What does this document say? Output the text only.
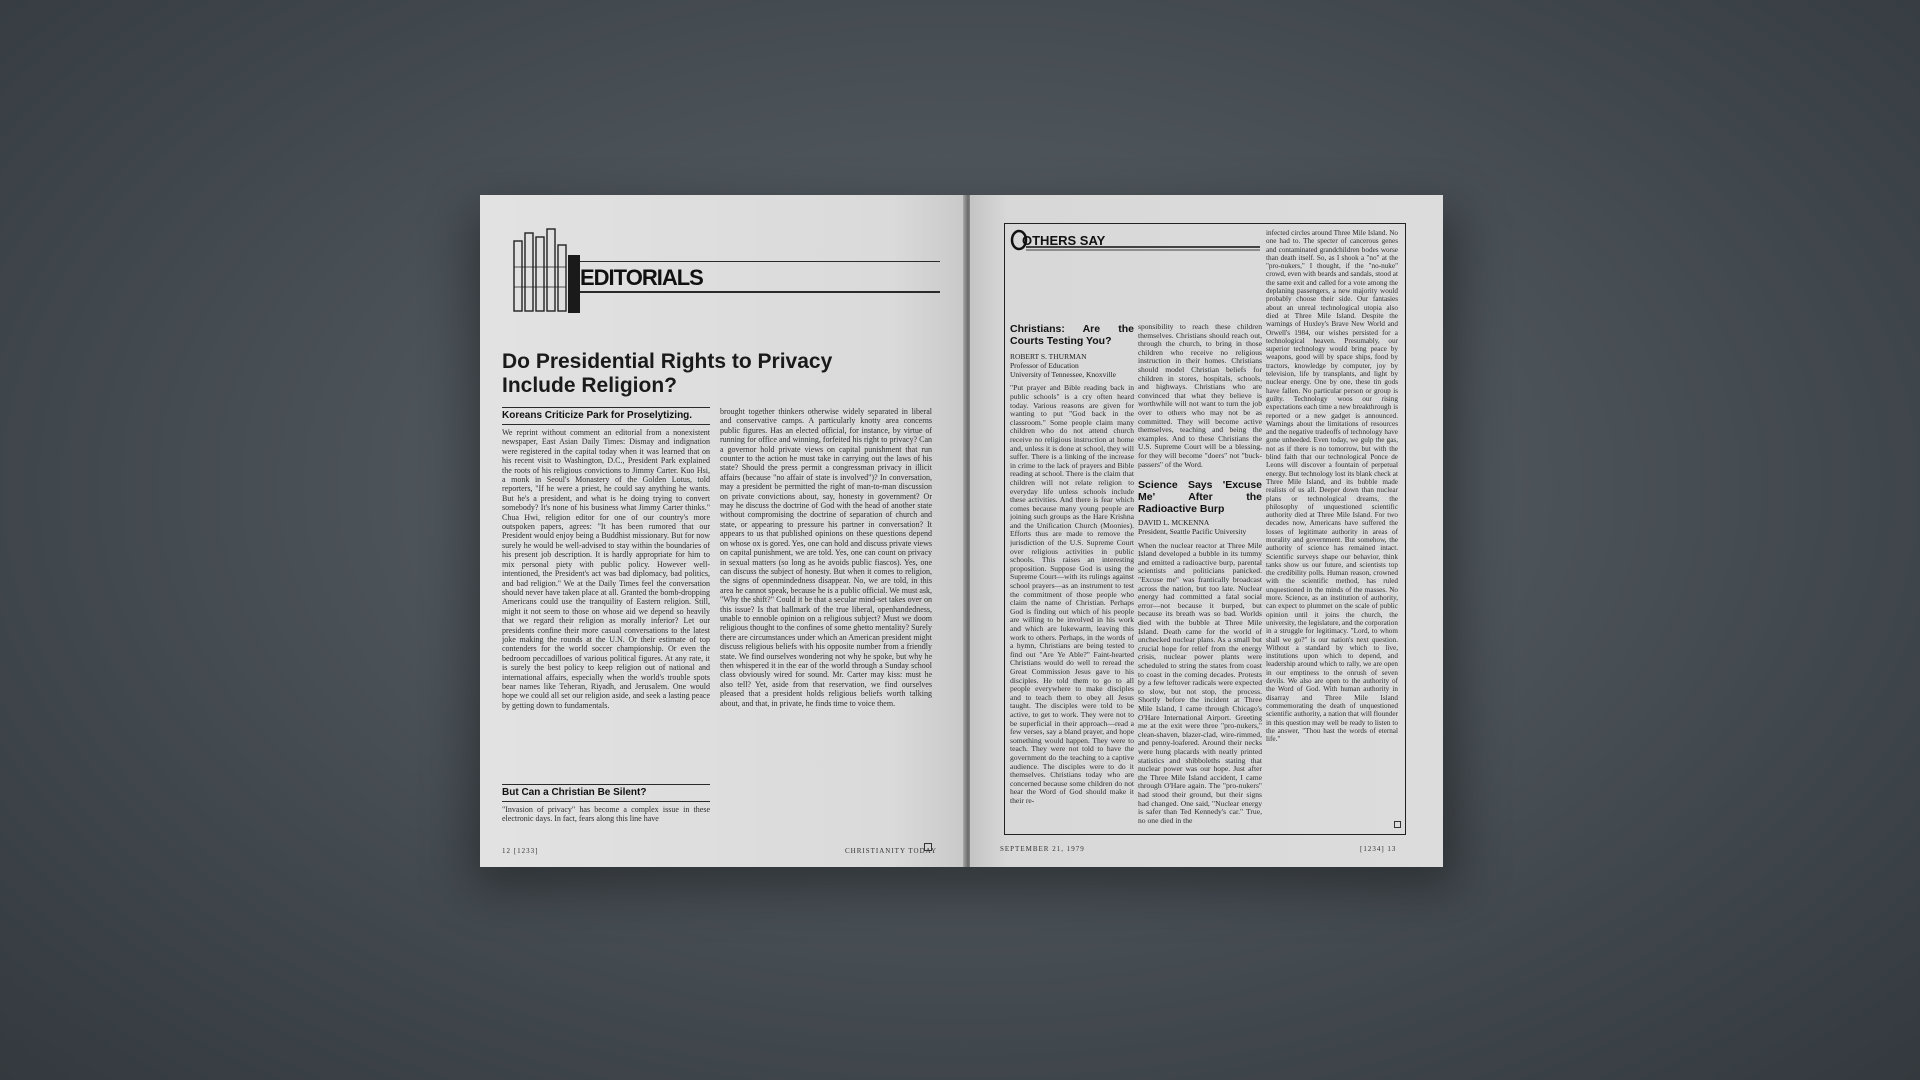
EDITORIALS
Do Presidential Rights to Privacy Include Religion?
Koreans Criticize Park for Proselytizing.
We reprint without comment an editorial from a nonexistent newspaper, East Asian Daily Times: Dismay and indignation were registered in the capital today when it was learned that on his recent visit to Washington, D.C., President Park explained the roots of his religious convictions to Jimmy Carter. Kuo Hsi, a monk in Seoul's Monastery of the Golden Lotus, told reporters, "If he were a priest, he could say anything he wants. But he's a president, and what is he doing trying to convert somebody? It's none of his business what Jimmy Carter thinks." Chua Hwi, religion editor for one of our country's more outspoken papers, agrees: "It has been rumored that our President would enjoy being a Buddhist missionary. But for now surely he would be well-advised to stay within the boundaries of his present job description. It is hardly appropriate for him to mix personal piety with public policy. However well-intentioned, the President's act was bad diplomacy, bad politics, and bad religion." We at the Daily Times feel the conversation should never have taken place at all. Granted the bomb-dropping Americans could use the tranquility of Eastern religion. Still, might it not seem to those on whose aid we depend so heavily that we regard their religion as morally inferior? Let our presidents confine their more casual conversations to the latest joke making the rounds at the U.N. Or their estimate of top contenders for the world soccer championship. Or even the bedroom peccadilloes of various political figures. At any rate, it is surely the best policy to keep religion out of national and international affairs, especially when the world's trouble spots bear names like Teheran, Riyadh, and Jerusalem. One would hope we could all set our religion aside, and seek a lasting peace by getting down to fundamentals.
But Can a Christian Be Silent?
"Invasion of privacy" has become a complex issue in these electronic days. In fact, fears along this line have
brought together thinkers otherwise widely separated in liberal and conservative camps. A particularly knotty area concerns public figures. Has an elected official, for instance, by virtue of running for office and winning, forfeited his right to privacy? Can a governor hold private views on capital punishment that run counter to the action he must take in carrying out the laws of his state? Should the press permit a congressman privacy in illicit affairs (because "no affair of state is involved")? In conversation, may a president be permitted the right of man-to-man discussion on private convictions about, say, honesty in government? Or may he discuss the doctrine of God with the head of another state without compromising the doctrine of separation of church and state, or appearing to pressure his partner in conversation? It appears to us that published opinions on these questions depend on whose ox is gored. Yes, one can hold and discuss private views on capital punishment, we are told. Yes, one can count on privacy in sexual matters (so long as he avoids public fiascos). Yes, one can discuss the subject of honesty. But when it comes to religion, the signs of openmindedness disappear. No, we are told, in this area he cannot speak, because he is a public official. We must ask, "Why the shift?" Could it be that a secular mind-set takes over on this issue? Is that hallmark of the true liberal, openhandedness, unable to ennoble opinion on a religious subject? Must we doom religious thought to the confines of some ghetto mentality? Surely there are circumstances under which an American president might discuss religious beliefs with his opposite number from a friendly state. We find ourselves wondering not why he spoke, but why he then whispered it in the ear of the world through a Sunday school class obviously wired for sound. Mr. Carter may kiss: must he also tell? Yet, aside from that reservation, we find ourselves pleased that a president holds religious beliefs worth talking about, and that, in private, he finds time to voice them.
12 [1233]	CHRISTIANITY TODAY
OTHERS SAY
Christians: Are the Courts Testing You?
ROBERT S. THURMAN
Professor of Education
University of Tennessee, Knoxville
"Put prayer and Bible reading back in public schools" is a cry often heard today. Various reasons are given for wanting to put "God back in the classroom." Some people claim many children who do not attend church receive no religious instruction at home and, unless it is done at school, they will suffer. There is a linking of the increase in crime to the lack of prayers and Bible reading at school. There is the claim that children will not relate religion to everyday life unless schools include these activities. And there is fear which comes because many young people are joining such groups as the Hare Krishna and the Unification Church (Moonies). Efforts thus are made to remove the jurisdiction of the U.S. Supreme Court over religious activities in public schools. This raises an interesting proposition. Suppose God is using the Supreme Court—with its rulings against school prayers—as an instrument to test the commitment of those people who claim the name of Christian. Perhaps God is finding out which of his people are willing to be involved in his work and which are lukewarm, leaving this work to others. Perhaps, in the words of a hymn, Christians are being tested to find out "Are Ye Able?" Faint-hearted Christians would do well to reread the Great Commission Jesus gave to his disciples. He told them to go to all people everywhere to make disciples and to teach them to obey all Jesus taught. The disciples were told to be active, to get to work. They were not to be superficial in their approach—read a few verses, say a bland prayer, and hope something would happen. They were to teach. They were not told to have the government do the teaching to a captive audience. The disciples were to do it themselves. Christians today who are concerned because some children do not hear the Word of God should make it their re-
sponsibility to reach these children themselves. Christians should reach out, through the church, to bring in those children who receive no religious instruction in their homes. Christians should model Christian beliefs for children in stores, hospitals, schools, and highways. Christians who are convinced that what they believe is worthwhile will not want to turn the job over to others who may not be as committed. They will become active themselves, teaching and being the examples. And to these Christians the U.S. Supreme Court will be a blessing, for they will become "doers" not "buck-passers" of the Word.
Science Says 'Excuse Me' After the Radioactive Burp
DAVID L. MCKENNA
President, Seattle Pacific University
When the nuclear reactor at Three Mile Island developed a bubble in its tummy and emitted a radioactive burp, parental scientists and politicians panicked. "Excuse me" was frantically broadcast across the nation, but too late. Nuclear energy had committed a fatal social error—not because it burped, but because its breath was so bad. Worlds died with the bubble at Three Mile Island. Death came for the world of unchecked nuclear plans. As a small but crucial hope for relief from the energy crisis, nuclear power plants were scheduled to string the states from coast to coast in the coming decades. Protests by a few leftover radicals were expected to slow, but not stop, the process. Shortly before the incident at Three Mile Island, I came through Chicago's O'Hare International Airport. Greeting me at the exit were three "pro-nukers," clean-shaven, blazer-clad, wire-rimmed, and penny-loafered. Around their necks were hung placards with neatly printed statistics and shibboleths stating that nuclear power was our hope. Just after the Three Mile Island accident, I came through O'Hare again. The "pro-nukers" had stood their ground, but their signs had changed. One said, "Nuclear energy is safer than Ted Kennedy's car." True, no one died in the
infected circles around Three Mile Island. No one had to. The specter of cancerous genes and contaminated grandchildren bodes worse than death itself. So, as I shook a "no" at the "pro-nukers," I thought, if the "no-nuke" crowd, even with beards and sandals, stood at the same exit and called for a vote among the deplaning passengers, a new majority would probably choose their side. Our fantasies about an unreal technological utopia also died at Three Mile Island. Despite the warnings of Huxley's Brave New World and Orwell's 1984, our wishes persisted for a technological heaven. Presumably, our superior technology would bring peace by weapons, good will by space ships, food by tractors, knowledge by computer, joy by television, life by transplants, and light by nuclear energy. One by one, these tin gods have fallen. No particular person or group is guilty. Technology woos our rising expectations each time a new breakthrough is reported or a new gadget is announced. Warnings about the limitations of resources and the negative tradeoffs of technology have gone unheeded. Even today, we gulp the gas, not as if there is no tomorrow, but with the blind faith that our technological Ponce de Leons will discover a fountain of perpetual energy. But technology lost its blank check at Three Mile Island, and its bubble made realists of us all. Deeper down than nuclear plans or technological dreams, the philosophy of unquestioned scientific authority died at Three Mile Island. For two decades now, Americans have suffered the losses of legitimate authority in areas of morality and government. But somehow, the authority of science has remained intact. Scientific surveys shape our behavior, think tanks show us our future, and scientists top the credibility polls. Human reason, crowned with the scientific method, has ruled unquestioned in the minds of the masses. No more. Science, as an institution of authority, can expect to plummet on the scale of public opinion until it joins the church, the university, the legislature, and the corporation in a struggle for legitimacy. "Lord, to whom shall we go?" is our nation's next question. Without a standard by which to live, institutions upon which to depend, and leadership around which to rally, we are open in our emptiness to the onrush of seven devils. We also are open to the authority of the Word of God. With human authority in disarray and Three Mile Island commemorating the death of unquestioned scientific authority, a nation that will flounder in this question may well be ready to listen to the answer, "Thou hast the words of eternal life."
SEPTEMBER 21, 1979	[1234] 13
